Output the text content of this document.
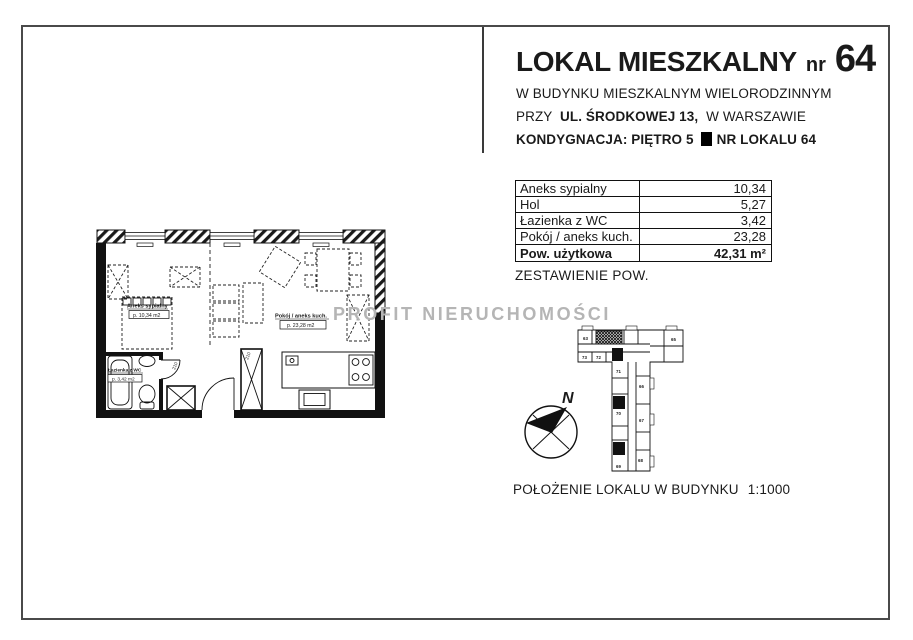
LOKAL MIESZKALNY nr 64
W BUDYNKU MIESZKALNYM WIELORODZINNYM
PRZY UL. ŚRODKOWEJ 13, W WARSZAWIE
KONDYGNACJA: PIĘTRO 5 NR LOKALU 64
Aneks sypialny	10,34
Hol	5,27
Łazienka z WC	3,42
Pokój / aneks kuch.	23,28
Pow. użytkowa	42,31 m²
ZESTAWIENIE POW.
PROFIT NIERUCHOMOŚCI
Aneks sypialny
p. 10,34 m2
Łazienka z WC
p. 3,42 m2
Pokój / aneks kuch.
p. 23,28 m2
210
210
63
73 72
71
65
66
70
67
69
68
N
POŁOŻENIE LOKALU W BUDYNKU 1:1000
